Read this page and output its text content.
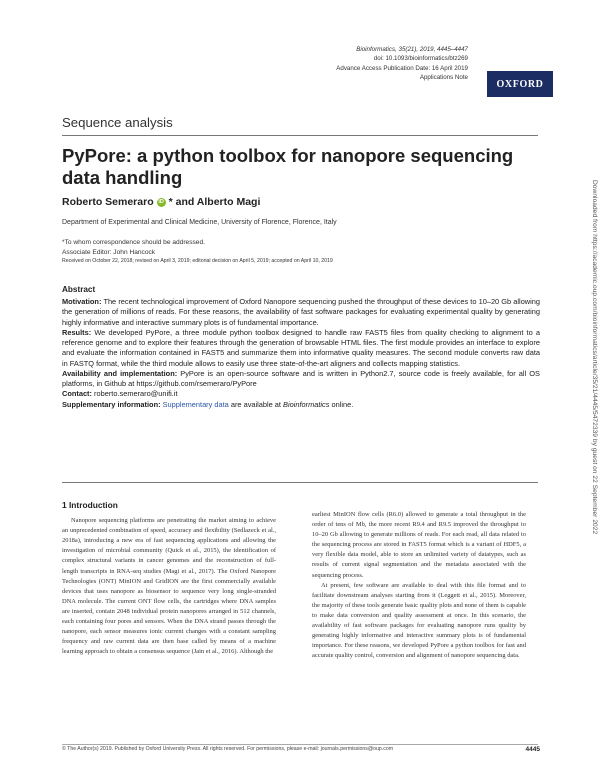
Bioinformatics, 35(21), 2019, 4445–4447
doi: 10.1093/bioinformatics/btz269
Advance Access Publication Date: 16 April 2019
Applications Note
OXFORD
Sequence analysis
PyPore: a python toolbox for nanopore sequencing data handling
Roberto Semeraro iD * and Alberto Magi
Department of Experimental and Clinical Medicine, University of Florence, Florence, Italy
*To whom correspondence should be addressed.
Associate Editor: John Hancock
Received on October 22, 2018; revised on April 3, 2019; editorial decision on April 5, 2019; accepted on April 10, 2019
Abstract

Motivation: The recent technological improvement of Oxford Nanopore sequencing pushed the throughput of these devices to 10–20 Gb allowing the generation of millions of reads. For these reasons, the availability of fast software packages for evaluating experimental quality by generating highly informative and interactive summary plots is of fundamental importance.

Results: We developed PyPore, a three module python toolbox designed to handle raw FAST5 files from quality checking to alignment to a reference genome and to explore their features through the generation of browsable HTML files. The first module provides an interface to explore and evaluate the information contained in FAST5 and summarize them into informative quality measures. The second module converts raw data in FASTQ format, while the third module allows to easily use three state-of-the-art aligners and collects mapping statistics.

Availability and implementation: PyPore is an open-source software and is written in Python2.7, source code is freely available, for all OS platforms, in Github at https://github.com/rsemeraro/PyPore

Contact: roberto.semeraro@unifi.it

Supplementary information: Supplementary data are available at Bioinformatics online.

1 Introduction

Nanopore sequencing platforms are penetrating the market aiming to achieve an unprecedented combination of speed, accuracy and flexibility (Sedlazeck et al., 2018a), introducing a new era of fast sequencing applications and allowing the investigation of microbial community (Quick et al., 2015), the identification of complex structural variants in cancer genomes and the reconstruction of full-length transcripts in RNA-seq studies (Magi et al., 2017). The Oxford Nanopore Technologies (ONT) MinION and GridION are the first commercially available devices that uses nanopore as biosensor to sequence very long single-stranded DNA molecule. The current ONT flow cells, the cartridges where DNA samples are inserted, contain 2048 individual protein nanopores arranged in 512 channels, each containing four pores and sensors. When the DNA strand passes through the nanopore, each sensor measures ionic current changes with a constant sampling frequency and raw current data are then base called by means of a machine learning approach to obtain a consensus sequence (Jain et al., 2016). Although the

earliest MinION flow cells (R6.0) allowed to generate a total throughput in the order of tens of Mb, the more recent R9.4 and R9.5 improved the throughput to 10–20 Gb allowing to generate millions of reads. For each read, all data related to the sequencing process are stored in FAST5 format which is a variant of HDF5, a very flexible data model, able to store an unlimited variety of datatypes, such as results of current signal segmentation and the metadata associated with the sequencing process.

At present, few software are available to deal with this file format and to facilitate downstream analyses starting from it (Leggett et al., 2015). Moreover, the majority of these tools generate basic quality plots and none of them is capable to make data conversion and quality assessment at once. In this scenario, the availability of fast software packages for evaluating nanopore runs quality by generating highly informative and interactive summary plots is of fundamental importance. For these reasons, we developed PyPore a python toolbox for fast and accurate quality control, conversion and alignment of nanopore sequencing data.

© The Author(s) 2019. Published by Oxford University Press. All rights reserved. For permissions, please e-mail: journals.permissions@oup.com	4445
Downloaded from https://academic.oup.com/bioinformatics/article/35/21/4445/5472339 by guest on 22 September 2022
